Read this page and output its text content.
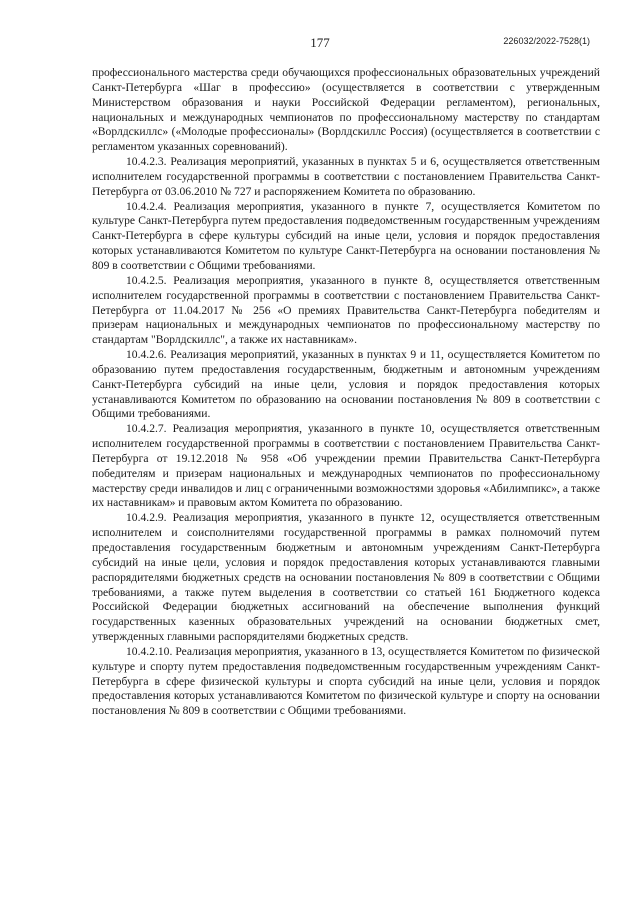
177	226032/2022-7528(1)

профессионального мастерства среди обучающихся профессиональных образовательных учреждений Санкт-Петербурга «Шаг в профессию» (осуществляется в соответствии с утвержденным Министерством образования и науки Российской Федерации регламентом), региональных, национальных и международных чемпионатов по профессиональному мастерству по стандартам «Ворлдскиллс» («Молодые профессионалы» (Ворлдскиллс Россия) (осуществляется в соответствии с регламентом указанных соревнований).

10.4.2.3. Реализация мероприятий, указанных в пунктах 5 и 6, осуществляется ответственным исполнителем государственной программы в соответствии с постановлением Правительства Санкт-Петербурга от 03.06.2010 № 727 и распоряжением Комитета по образованию.

10.4.2.4. Реализация мероприятия, указанного в пункте 7, осуществляется Комитетом по культуре Санкт-Петербурга путем предоставления подведомственным государственным учреждениям Санкт-Петербурга в сфере культуры субсидий на иные цели, условия и порядок предоставления которых устанавливаются Комитетом по культуре Санкт-Петербурга на основании постановления № 809 в соответствии с Общими требованиями.

10.4.2.5. Реализация мероприятия, указанного в пункте 8, осуществляется ответственным исполнителем государственной программы в соответствии с постановлением Правительства Санкт-Петербурга от 11.04.2017 № 256 «О премиях Правительства Санкт-Петербурга победителям и призерам национальных и международных чемпионатов по профессиональному мастерству по стандартам "Ворлдскиллс", а также их наставникам».

10.4.2.6. Реализация мероприятий, указанных в пунктах 9 и 11, осуществляется Комитетом по образованию путем предоставления государственным, бюджетным и автономным учреждениям Санкт-Петербурга субсидий на иные цели, условия и порядок предоставления которых устанавливаются Комитетом по образованию на основании постановления № 809 в соответствии с Общими требованиями.

10.4.2.7. Реализация мероприятия, указанного в пункте 10, осуществляется ответственным исполнителем государственной программы в соответствии с постановлением Правительства Санкт-Петербурга от 19.12.2018 № 958 «Об учреждении премии Правительства Санкт-Петербурга победителям и призерам национальных и международных чемпионатов по профессиональному мастерству среди инвалидов и лиц с ограниченными возможностями здоровья «Абилимпикс», а также их наставникам» и правовым актом Комитета по образованию.

10.4.2.9. Реализация мероприятия, указанного в пункте 12, осуществляется ответственным исполнителем и соисполнителями государственной программы в рамках полномочий путем предоставления государственным бюджетным и автономным учреждениям Санкт-Петербурга субсидий на иные цели, условия и порядок предоставления которых устанавливаются главными распорядителями бюджетных средств на основании постановления № 809 в соответствии с Общими требованиями, а также путем выделения в соответствии со статьей 161 Бюджетного кодекса Российской Федерации бюджетных ассигнований на обеспечение выполнения функций государственных казенных образовательных учреждений на основании бюджетных смет, утвержденных главными распорядителями бюджетных средств.

10.4.2.10. Реализация мероприятия, указанного в 13, осуществляется Комитетом по физической культуре и спорту путем предоставления подведомственным государственным учреждениям Санкт-Петербурга в сфере физической культуры и спорта субсидий на иные цели, условия и порядок предоставления которых устанавливаются Комитетом по физической культуре и спорту на основании постановления № 809 в соответствии с Общими требованиями.
